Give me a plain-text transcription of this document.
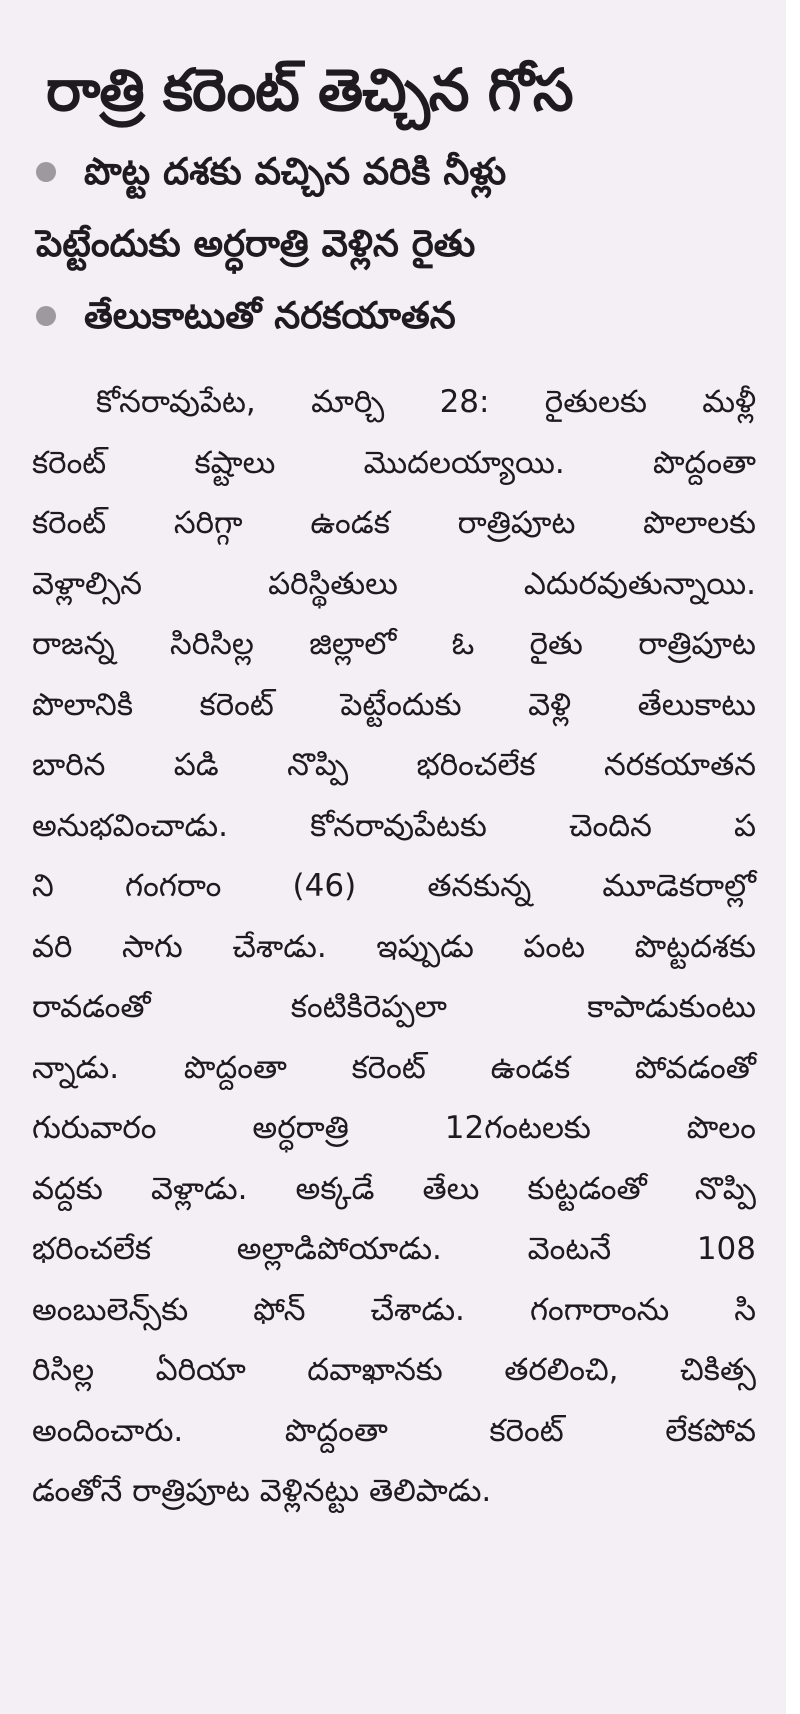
రాత్రి కరెంట్ తెచ్చిన గోస
పొట్ట దశకు వచ్చిన వరికి నీళ్లు
పెట్టేందుకు అర్ధరాత్రి వెళ్లిన రైతు
తేలుకాటుతో నరకయాతన
కోనరావుపేట, మార్చి 28: రైతులకు మళ్లీ
కరెంట్ కష్టాలు మొదలయ్యాయి. పొద్దంతా
కరెంట్ సరిగ్గా ఉండక రాత్రిపూట పొలాలకు
వెళ్లాల్సిన పరిస్థితులు ఎదురవుతున్నాయి.
రాజన్న సిరిసిల్ల జిల్లాలో ఓ రైతు రాత్రిపూట
పొలానికి కరెంట్ పెట్టేందుకు వెళ్లి తేలుకాటు
బారిన పడి నొప్పి భరించలేక నరకయాతన
అనుభవించాడు. కోనరావుపేటకు చెందిన ప
ని గంగరాం (46) తనకున్న మూడెకరాల్లో
వరి సాగు చేశాడు. ఇప్పుడు పంట పొట్టదశకు
రావడంతో కంటికిరెప్పలా కాపాడుకుంటు
న్నాడు. పొద్దంతా కరెంట్ ఉండక పోవడంతో
గురువారం అర్ధరాత్రి 12గంటలకు పొలం
వద్దకు వెళ్లాడు. అక్కడే తేలు కుట్టడంతో నొప్పి
భరించలేక అల్లాడిపోయాడు. వెంటనే 108
అంబులెన్స్‌కు ఫోన్ చేశాడు. గంగారాంను సి
రిసిల్ల ఏరియా దవాఖానకు తరలించి, చికిత్స
అందించారు. పొద్దంతా కరెంట్ లేకపోవ
డంతోనే రాత్రిపూట వెళ్లినట్టు తెలిపాడు.
